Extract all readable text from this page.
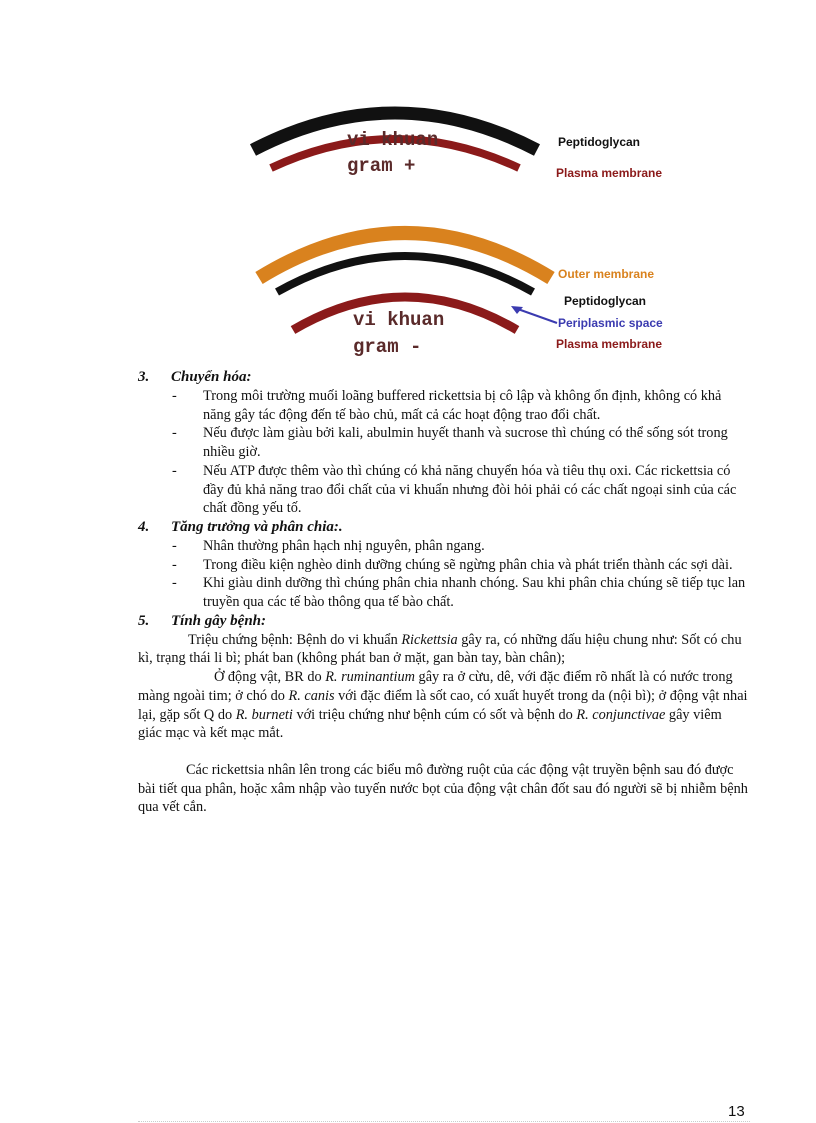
vi khuan
gram +
Peptidoglycan
Plasma membrane
vi khuan
gram -
Outer membrane
Peptidoglycan
Periplasmic space
Plasma membrane
3. Chuyển hóa:
- Trong môi trường muối loãng buffered rickettsia bị cô lập và không ổn định, không có khả năng gây tác động đến tế bào chủ, mất cả các hoạt động trao đổi chất.
- Nếu được làm giàu bởi kali, abulmin huyết thanh và sucrose thì chúng có thể sống sót trong nhiều giờ.
- Nếu ATP được thêm vào thì chúng có khả năng chuyển hóa và tiêu thụ oxi. Các rickettsia có đầy đủ khả năng trao đổi chất của vi khuẩn nhưng đòi hỏi phải có các chất ngoại sinh của các chất đồng yếu tố.
4. Tăng trưởng và phân chia:.
- Nhân thường phân hạch nhị nguyên, phân ngang.
- Trong điều kiện nghèo dinh dưỡng chúng sẽ ngừng phân chia và phát triển thành các sợi dài.
- Khi giàu dinh dưỡng thì chúng phân chia nhanh chóng. Sau khi phân chia chúng sẽ tiếp tục lan truyền qua các tế bào thông qua tế bào chất.
5. Tính gây bệnh:

Triệu chứng bệnh: Bệnh do vi khuẩn Rickettsia gây ra, có những dấu hiệu chung như: Sốt có chu kì, trạng thái li bì; phát ban (không phát ban ở mặt, gan bàn tay, bàn chân);

Ở động vật, BR do R. ruminantium gây ra ở cừu, dê, với đặc điểm rõ nhất là có nước trong màng ngoài tim; ở chó do R. canis với đặc điểm là sốt cao, có xuất huyết trong da (nội bì); ở động vật nhai lại, gặp sốt Q do R. burneti với triệu chứng như bệnh cúm có sốt và bệnh do R. conjunctivae gây viêm giác mạc và kết mạc mắt.

Các rickettsia nhân lên trong các biểu mô đường ruột của các động vật truyền bệnh sau đó được bài tiết qua phân, hoặc xâm nhập vào tuyến nước bọt của động vật chân đốt sau đó người sẽ bị nhiễm bệnh qua vết cắn.

13
